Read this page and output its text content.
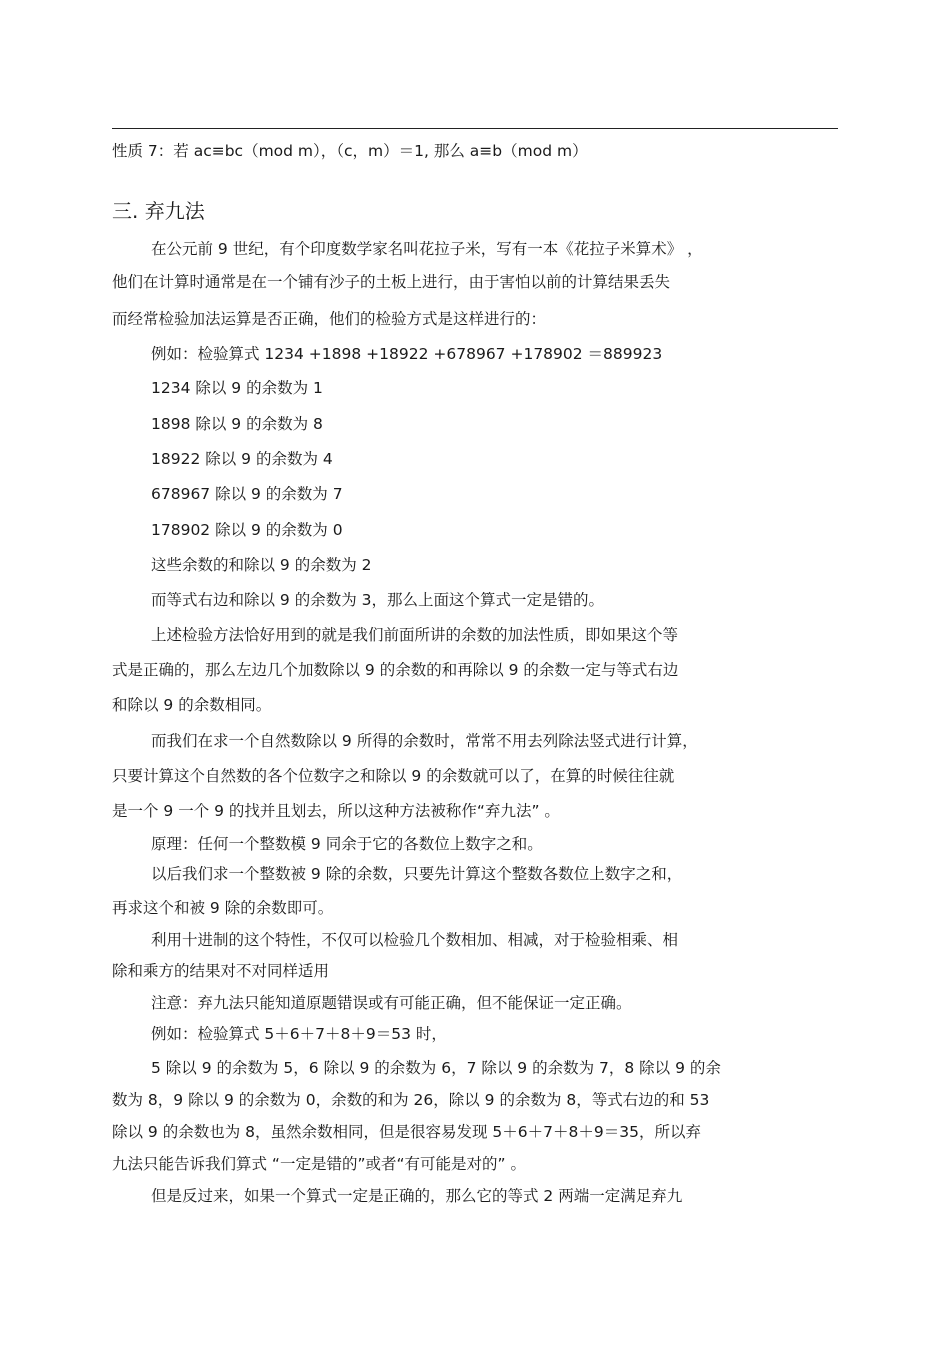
性质 7：若 ac≡bc（mod m），（c，m）＝1, 那么 a≡b（mod m）
三. 弃九法
在公元前 9 世纪，有个印度数学家名叫花拉子米，写有一本《花拉子米算术》 ，
他们在计算时通常是在一个铺有沙子的土板上进行，由于害怕以前的计算结果丢失
而经常检验加法运算是否正确，他们的检验方式是这样进行的：
例如：检验算式 1234 +1898 +18922 +678967 +178902 ＝889923
1234 除以 9 的余数为 1
1898 除以 9 的余数为 8
18922 除以 9 的余数为 4
678967 除以 9 的余数为 7
178902 除以 9 的余数为 0
这些余数的和除以 9 的余数为 2
而等式右边和除以 9 的余数为 3，那么上面这个算式一定是错的。
上述检验方法恰好用到的就是我们前面所讲的余数的加法性质，即如果这个等
式是正确的，那么左边几个加数除以 9 的余数的和再除以 9 的余数一定与等式右边
和除以 9 的余数相同。
而我们在求一个自然数除以 9 所得的余数时，常常不用去列除法竖式进行计算，
只要计算这个自然数的各个位数字之和除以 9 的余数就可以了，在算的时候往往就
是一个 9 一个 9 的找并且划去，所以这种方法被称作“弃九法” 。
原理：任何一个整数模 9 同余于它的各数位上数字之和。
以后我们求一个整数被 9 除的余数，只要先计算这个整数各数位上数字之和，
再求这个和被 9 除的余数即可。
利用十进制的这个特性，不仅可以检验几个数相加、相减，对于检验相乘、相
除和乘方的结果对不对同样适用
注意：弃九法只能知道原题错误或有可能正确，但不能保证一定正确。
例如：检验算式 5＋6＋7＋8＋9＝53 时，
5 除以 9 的余数为 5，6 除以 9 的余数为 6，7 除以 9 的余数为 7，8 除以 9 的余
数为 8，9 除以 9 的余数为 0，余数的和为 26，除以 9 的余数为 8，等式右边的和 53
除以 9 的余数也为 8，虽然余数相同，但是很容易发现 5＋6＋7＋8＋9＝35，所以弃
九法只能告诉我们算式 “一定是错的”或者“有可能是对的” 。
但是反过来，如果一个算式一定是正确的，那么它的等式 2 两端一定满足弃九
